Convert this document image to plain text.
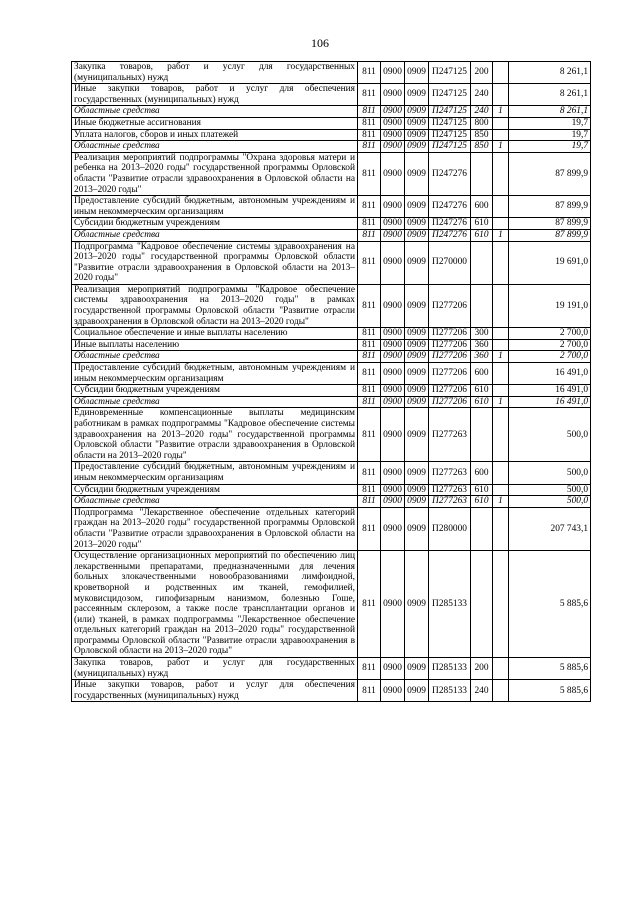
106
Закупка товаров, работ и услуг для государственных (муниципальных) нужд	811	0900	0909	П247125	200		8 261,1
Иные закупки товаров, работ и услуг для обеспечения государственных (муниципальных) нужд	811	0900	0909	П247125	240		8 261,1
Областные средства	811	0900	0909	П247125	240	1	8 261,1
Иные бюджетные ассигнования	811	0900	0909	П247125	800		19,7
Уплата налогов, сборов и иных платежей	811	0900	0909	П247125	850		19,7
Областные средства	811	0900	0909	П247125	850	1	19,7
Реализация мероприятий подпрограммы "Охрана здоровья матери и ребенка на 2013–2020 годы" государственной программы Орловской области "Развитие отрасли здравоохранения в Орловской области на 2013–2020 годы"	811	0900	0909	П247276			87 899,9
Предоставление субсидий бюджетным, автономным учреждениям и иным некоммерческим организациям	811	0900	0909	П247276	600		87 899,9
Субсидии бюджетным учреждениям	811	0900	0909	П247276	610		87 899,9
Областные средства	811	0900	0909	П247276	610	1	87 899,9
Подпрограмма "Кадровое обеспечение системы здравоохранения на 2013–2020 годы" государственной программы Орловской области "Развитие отрасли здравоохранения в Орловской области на 2013–2020 годы"	811	0900	0909	П270000			19 691,0
Реализация мероприятий подпрограммы "Кадровое обеспечение системы здравоохранения на 2013–2020 годы" в рамках государственной программы Орловской области "Развитие отрасли здравоохранения в Орловской области на 2013–2020 годы"	811	0900	0909	П277206			19 191,0
Социальное обеспечение и иные выплаты населению	811	0900	0909	П277206	300		2 700,0
Иные выплаты населению	811	0900	0909	П277206	360		2 700,0
Областные средства	811	0900	0909	П277206	360	1	2 700,0
Предоставление субсидий бюджетным, автономным учреждениям и иным некоммерческим организациям	811	0900	0909	П277206	600		16 491,0
Субсидии бюджетным учреждениям	811	0900	0909	П277206	610		16 491,0
Областные средства	811	0900	0909	П277206	610	1	16 491,0
Единовременные компенсационные выплаты медицинским работникам в рамках подпрограммы "Кадровое обеспечение системы здравоохранения на 2013–2020 годы" государственной программы Орловской области "Развитие отрасли здравоохранения в Орловской области на 2013–2020 годы"	811	0900	0909	П277263			500,0
Предоставление субсидий бюджетным, автономным учреждениям и иным некоммерческим организациям	811	0900	0909	П277263	600		500,0
Субсидии бюджетным учреждениям	811	0900	0909	П277263	610		500,0
Областные средства	811	0900	0909	П277263	610	1	500,0
Подпрограмма "Лекарственное обеспечение отдельных категорий граждан на 2013–2020 годы" государственной программы Орловской области "Развитие отрасли здравоохранения в Орловской области на 2013–2020 годы"	811	0900	0909	П280000			207 743,1
Осуществление организационных мероприятий по обеспечению лиц лекарственными препаратами, предназначенными для лечения больных злокачественными новообразованиями лимфоидной, кроветворной и родственных им тканей, гемофилией, муковисцидозом, гипофизарным нанизмом, болезнью Гоше, рассеянным склерозом, а также после трансплантации органов и (или) тканей, в рамках подпрограммы "Лекарственное обеспечение отдельных категорий граждан на 2013–2020 годы" государственной программы Орловской области "Развитие отрасли здравоохранения в Орловской области на 2013–2020 годы"	811	0900	0909	П285133			5 885,6
Закупка товаров, работ и услуг для государственных (муниципальных) нужд	811	0900	0909	П285133	200		5 885,6
Иные закупки товаров, работ и услуг для обеспечения государственных (муниципальных) нужд	811	0900	0909	П285133	240		5 885,6
